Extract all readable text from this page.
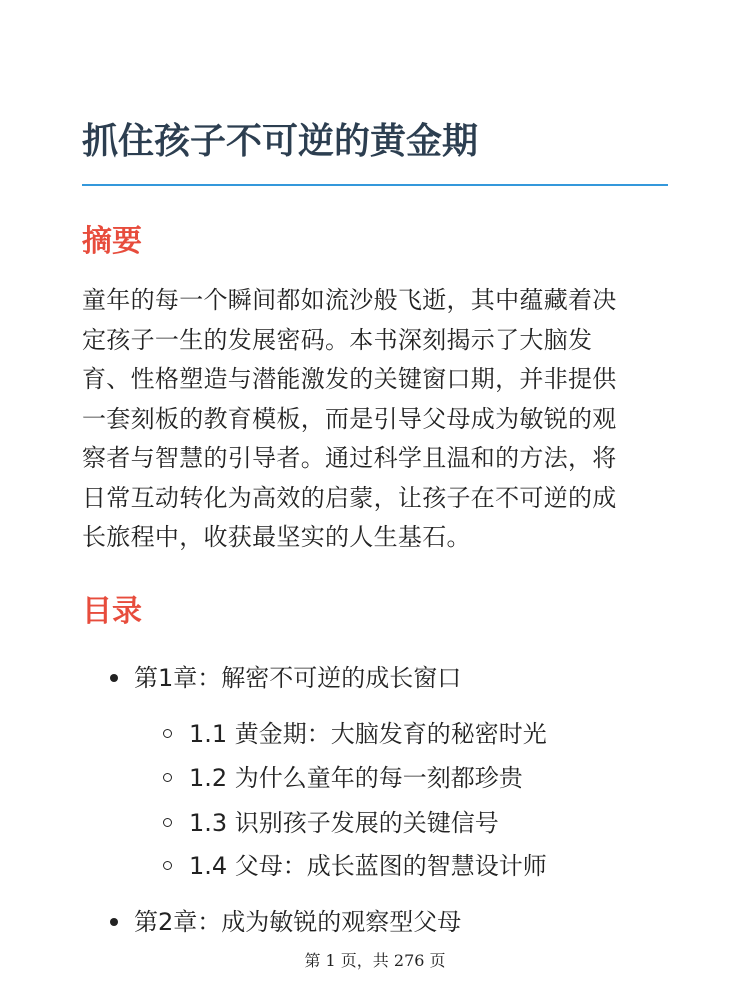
抓住孩子不可逆的黄金期
摘要
童年的每一个瞬间都如流沙般飞逝，其中蕴藏着决
定孩子一生的发展密码。本书深刻揭示了大脑发
育、性格塑造与潜能激发的关键窗口期，并非提供
一套刻板的教育模板，而是引导父母成为敏锐的观
察者与智慧的引导者。通过科学且温和的方法，将
日常互动转化为高效的启蒙，让孩子在不可逆的成
长旅程中，收获最坚实的人生基石。
目录
第1章：解密不可逆的成长窗口
1.1 黄金期：大脑发育的秘密时光
1.2 为什么童年的每一刻都珍贵
1.3 识别孩子发展的关键信号
1.4 父母：成长蓝图的智慧设计师
第2章：成为敏锐的观察型父母
第 1 页，共 276 页
